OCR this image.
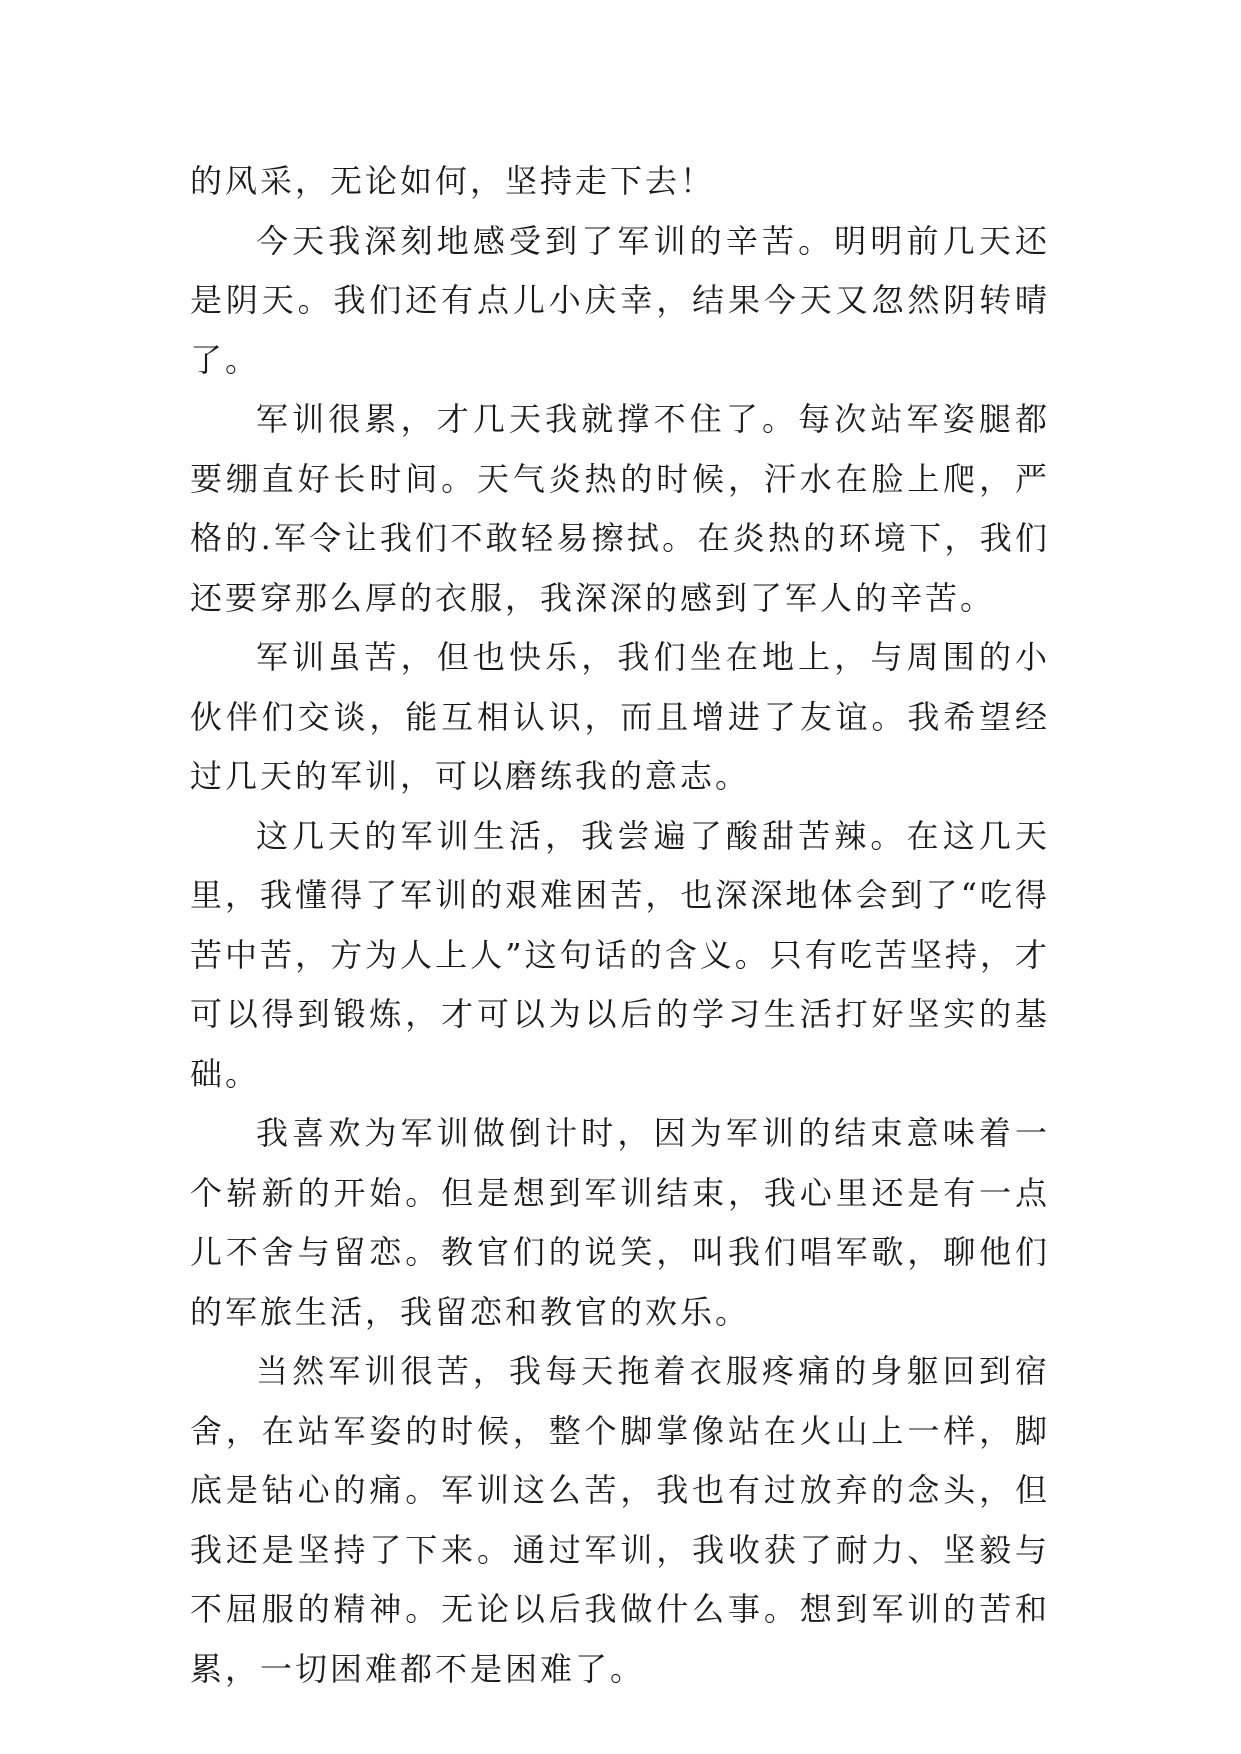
的风采，无论如何，坚持走下去！

今天我深刻地感受到了军训的辛苦。明明前几天还是阴天。我们还有点儿小庆幸，结果今天又忽然阴转晴了。

军训很累，才几天我就撑不住了。每次站军姿腿都要绷直好长时间。天气炎热的时候，汗水在脸上爬，严格的.军令让我们不敢轻易擦拭。在炎热的环境下，我们还要穿那么厚的衣服，我深深的感到了军人的辛苦。

军训虽苦，但也快乐，我们坐在地上，与周围的小伙伴们交谈，能互相认识，而且增进了友谊。我希望经过几天的军训，可以磨练我的意志。

这几天的军训生活，我尝遍了酸甜苦辣。在这几天里，我懂得了军训的艰难困苦，也深深地体会到了“吃得苦中苦，方为人上人”这句话的含义。只有吃苦坚持，才可以得到锻炼，才可以为以后的学习生活打好坚实的基础。

我喜欢为军训做倒计时，因为军训的结束意味着一个崭新的开始。但是想到军训结束，我心里还是有一点儿不舍与留恋。教官们的说笑，叫我们唱军歌，聊他们的军旅生活，我留恋和教官的欢乐。

当然军训很苦，我每天拖着衣服疼痛的身躯回到宿舍，在站军姿的时候，整个脚掌像站在火山上一样，脚底是钻心的痛。军训这么苦，我也有过放弃的念头，但我还是坚持了下来。通过军训，我收获了耐力、坚毅与不屈服的精神。无论以后我做什么事。想到军训的苦和累，一切困难都不是困难了。
